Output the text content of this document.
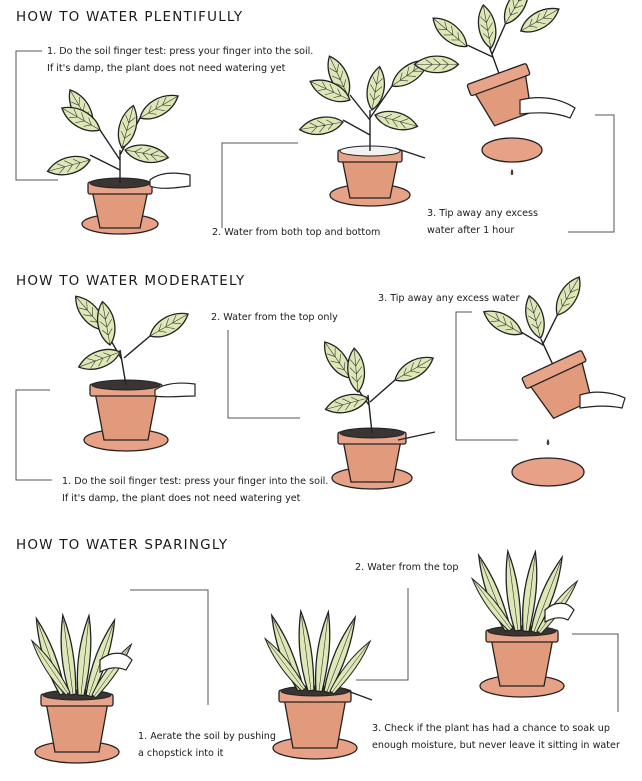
HOW TO WATER PLENTIFULLY
1. Do the soil finger test: press your finger into the soil.
If it's damp, the plant does not need watering yet
2. Water from both top and bottom
3. Tip away any excess
water after 1 hour
HOW TO WATER MODERATELY
1. Do the soil finger test: press your finger into the soil.
If it's damp, the plant does not need watering yet
2. Water from the top only
3. Tip away any excess water
HOW TO WATER SPARINGLY
1. Aerate the soil by pushing
a chopstick into it
2. Water from the top
3. Check if the plant has had a chance to soak up
enough moisture, but never leave it sitting in water
